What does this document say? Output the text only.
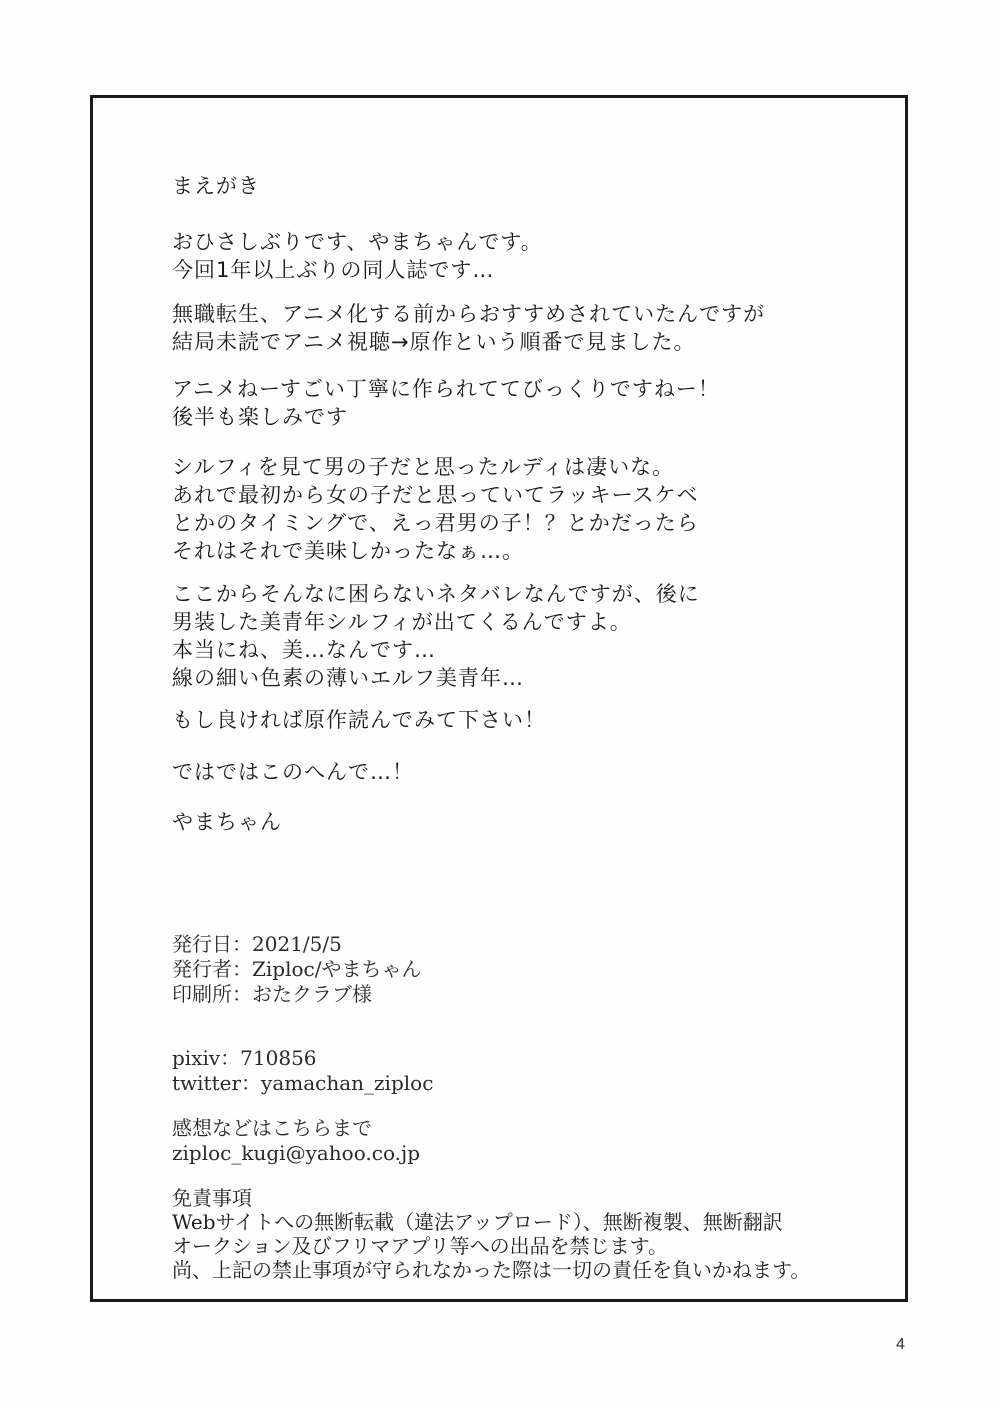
まえがき
おひさしぶりです、やまちゃんです。
今回1年以上ぶりの同人誌です…
無職転生、アニメ化する前からおすすめされていたんですが
結局未読でアニメ視聴→原作という順番で見ました。
アニメねーすごい丁寧に作られててびっくりですねー！
後半も楽しみです
シルフィを見て男の子だと思ったルディは凄いな。
あれで最初から女の子だと思っていてラッキースケベ
とかのタイミングで、えっ君男の子！？とかだったら
それはそれで美味しかったなぁ…。
ここからそんなに困らないネタバレなんですが、後に
男装した美青年シルフィが出てくるんですよ。
本当にね、美…なんです…
線の細い色素の薄いエルフ美青年…
もし良ければ原作読んでみて下さい！
ではではこのへんで…！
やまちゃん
発行日：2021/5/5
発行者：Ziploc/やまちゃん
印刷所：おたクラブ様
pixiv：710856
twitter：yamachan_ziploc
感想などはこちらまで
ziploc_kugi@yahoo.co.jp
免責事項
Webサイトへの無断転載（違法アップロード）、無断複製、無断翻訳
オークション及びフリマアプリ等への出品を禁じます。
尚、上記の禁止事項が守られなかった際は一切の責任を負いかねます。
4
